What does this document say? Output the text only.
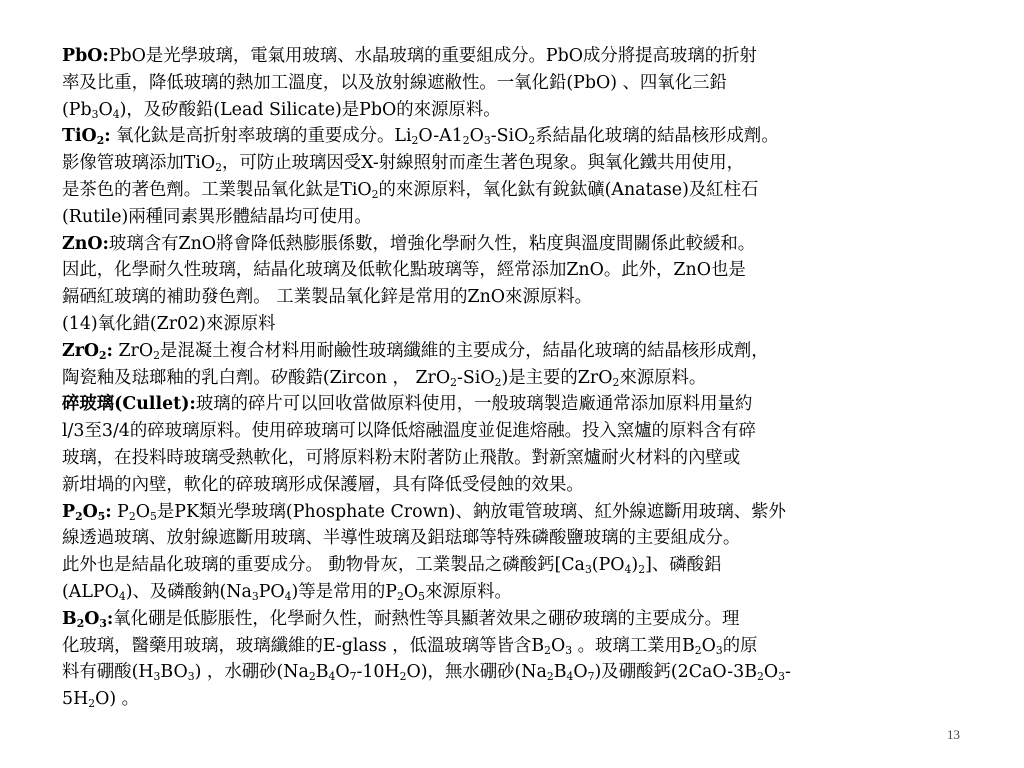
PbO:PbO是光學玻璃，電氣用玻璃、水晶玻璃的重要組成分。PbO成分將提高玻璃的折射
率及比重，降低玻璃的熱加工溫度，以及放射線遮敝性。一氧化鉛(PbO) 、四氧化三鉛
$(Pb_3O_4)$，及矽酸鉛(Lead Silicate)是PbO的來源原料。
TiO$_2$: 氧化鈦是高折射率玻璃的重要成分。$Li_2O-A1_2O_3-SiO_2$系結晶化玻璃的結晶核形成劑。
影像管玻璃添加TiO$_2$，可防止玻璃因受X-射線照射而產生著色現象。與氧化鐵共用使用，
是茶色的著色劑。工業製品氧化鈦是TiO$_2$的來源原料，氧化鈦有銳鈦礦(Anatase)及紅柱石
(Rutile)兩種同素異形體結晶均可使用。
ZnO:玻璃含有ZnO將會降低熱膨脹係數，增強化學耐久性，粘度與溫度間關係此較緩和。
因此，化學耐久性玻璃，結晶化玻璃及低軟化點玻璃等，經常添加ZnO。此外，ZnO也是
鎘硒紅玻璃的補助發色劑。 工業製品氧化鋅是常用的ZnO來源原料。
(14)氧化錯(Zr02)來源原料
ZrO$_2$: ZrO$_2$是混凝土複合材料用耐鹼性玻璃纖維的主要成分，結晶化玻璃的結晶核形成劑，
陶瓷釉及琺瑯釉的乳白劑。矽酸鋯(Zircon ， ZrO$_2$-SiO$_2$)是主要的ZrO$_2$來源原料。
碎玻璃(Cullet):玻璃的碎片可以回收當做原料使用，一般玻璃製造廠通常添加原料用量約
l/3至3/4的碎玻璃原料。使用碎玻璃可以降低熔融溫度並促進熔融。投入窯爐的原料含有碎
玻璃，在投料時玻璃受熱軟化，可將原料粉末附著防止飛散。對新窯爐耐火材料的內壁或
新坩堝的內壁，軟化的碎玻璃形成保護層，具有降低受侵蝕的效果。
$P_2O_5$: $P_2O_5$是PK類光學玻璃(Phosphate Crown)、鈉放電管玻璃、紅外線遮斷用玻璃、紫外
線透過玻璃、放射線遮斷用玻璃、半導性玻璃及鋁琺瑯等特殊磷酸鹽玻璃的主要組成分。
此外也是結晶化玻璃的重要成分。 動物骨灰，工業製品之磷酸鈣$[Ca_3(PO_4)_2]$、磷酸鋁
$(ALPO_4)$、及磷酸鈉$(Na_3PO_4)$等是常用的$P_2O_5$來源原料。
$B_2O_3$:氧化硼是低膨脹性，化學耐久性，耐熱性等具顯著效果之硼矽玻璃的主要成分。理
化玻璃，醫藥用玻璃，玻璃纖維的E-glass ，低溫玻璃等皆含$B_2O_3$ 。玻璃工業用$B_2O_3$的原
料有硼酸$(H_3BO_3)$ ，水硼砂$(Na_2B_4O_7-10H_2O)$，無水硼砂$(Na_2B_4O_7)$及硼酸鈣($2CaO-3B_2O_3-$
$5H_2O$) 。
13
